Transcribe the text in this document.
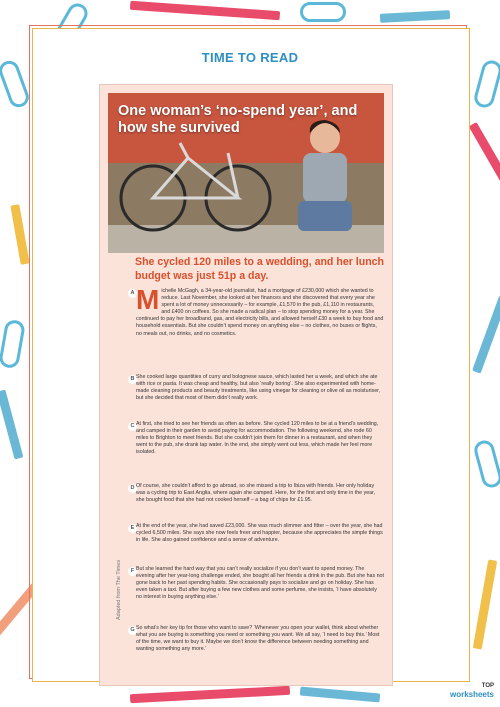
TIME TO READ
One woman’s ‘no-spend year’, and how she survived
She cycled 120 miles to a wedding, and her lunch budget was just 51p a day.
A Michelle McGagh, a 34-year-old journalist, had a mortgage of £230,000 which she wanted to reduce. Last November, she looked at her finances and she discovered that every year she spent a lot of money unnecessarily – for example, £1,570 in the pub, £1,110 in restaurants, and £400 on coffees. So she made a radical plan – to stop spending money for a year. She continued to pay her broadband, gas, and electricity bills, and allowed herself £30 a week to buy food and household essentials. But she couldn’t spend money on anything else – no clothes, no buses or flights, no meals out, no drinks, and no cosmetics.
B She cooked large quantities of curry and bolognese sauce, which lasted her a week, and which she ate with rice or pasta. It was cheap and healthy, but also ‘really boring’. She also experimented with home-made cleaning products and beauty treatments, like using vinegar for cleaning or olive oil as moisturiser, but she decided that most of them didn’t really work.
C At first, she tried to see her friends as often as before. She cycled 120 miles to be at a friend’s wedding, and camped in their garden to avoid paying for accommodation. The following weekend, she rode 60 miles to Brighton to meet friends. But she couldn’t join them for dinner in a restaurant, and when they went to the pub, she drank tap water. In the end, she simply went out less, which made her feel more isolated.
D Of course, she couldn’t afford to go abroad, so she missed a trip to Ibiza with friends. Her only holiday was a cycling trip to East Anglia, where again she camped. Here, for the first and only time in the year, she bought food that she had not cooked herself – a bag of chips for £1.95.
E At the end of the year, she had saved £23,000. She was much slimmer and fitter – over the year, she had cycled 6,500 miles. She says she now feels freer and happier, because she appreciates the simple things in life. She also gained confidence and a sense of adventure.
F But she learned the hard way that you can’t really socialize if you don’t want to spend money. The evening after her year-long challenge ended, she bought all her friends a drink in the pub. But she has not gone back to her past spending habits. She occasionally pays to socialize and go on holiday. She has even taken a taxi. But after buying a few new clothes and some perfume, she insists, ‘I have absolutely no interest in buying anything else.’
G So what’s her key tip for those who want to save? ‘Whenever you open your wallet, think about whether what you are buying is something you need or something you want. We all say, ‘I need to buy this.’ Most of the time, we want to buy it. Maybe we don’t know the difference between needing something and wanting something any more.’
Adapted from The Times
TOP
worksheets
